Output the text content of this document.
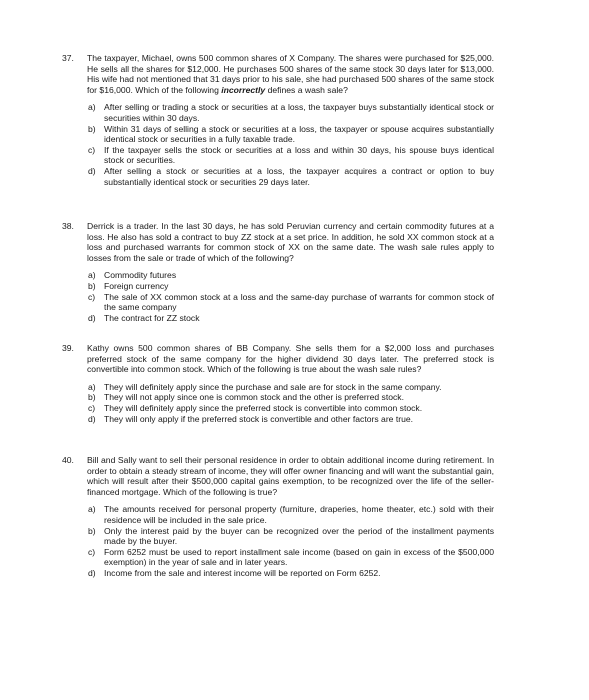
37.	The taxpayer, Michael, owns 500 common shares of X Company. The shares were purchased for $25,000. He sells all the shares for $12,000. He purchases 500 shares of the same stock 30 days later for $13,000. His wife had not mentioned that 31 days prior to his sale, she had purchased 500 shares of the same stock for $16,000. Which of the following incorrectly defines a wash sale?
a) After selling or trading a stock or securities at a loss, the taxpayer buys substantially identical stock or securities within 30 days.
b) Within 31 days of selling a stock or securities at a loss, the taxpayer or spouse acquires substantially identical stock or securities in a fully taxable trade.
c) If the taxpayer sells the stock or securities at a loss and within 30 days, his spouse buys identical stock or securities.
d) After selling a stock or securities at a loss, the taxpayer acquires a contract or option to buy substantially identical stock or securities 29 days later.
38.	Derrick is a trader. In the last 30 days, he has sold Peruvian currency and certain commodity futures at a loss. He also has sold a contract to buy ZZ stock at a set price. In addition, he sold XX common stock at a loss and purchased warrants for common stock of XX on the same date. The wash sale rules apply to losses from the sale or trade of which of the following?
a) Commodity futures
b) Foreign currency
c) The sale of XX common stock at a loss and the same-day purchase of warrants for common stock of the same company
d) The contract for ZZ stock
39.	Kathy owns 500 common shares of BB Company. She sells them for a $2,000 loss and purchases preferred stock of the same company for the higher dividend 30 days later. The preferred stock is convertible into common stock. Which of the following is true about the wash sale rules?
a) They will definitely apply since the purchase and sale are for stock in the same company.
b) They will not apply since one is common stock and the other is preferred stock.
c) They will definitely apply since the preferred stock is convertible into common stock.
d) They will only apply if the preferred stock is convertible and other factors are true.
40.	Bill and Sally want to sell their personal residence in order to obtain additional income during retirement. In order to obtain a steady stream of income, they will offer owner financing and will want the substantial gain, which will result after their $500,000 capital gains exemption, to be recognized over the life of the seller-financed mortgage. Which of the following is true?
a) The amounts received for personal property (furniture, draperies, home theater, etc.) sold with their residence will be included in the sale price.
b) Only the interest paid by the buyer can be recognized over the period of the installment payments made by the buyer.
c) Form 6252 must be used to report installment sale income (based on gain in excess of the $500,000 exemption) in the year of sale and in later years.
d) Income from the sale and interest income will be reported on Form 6252.
